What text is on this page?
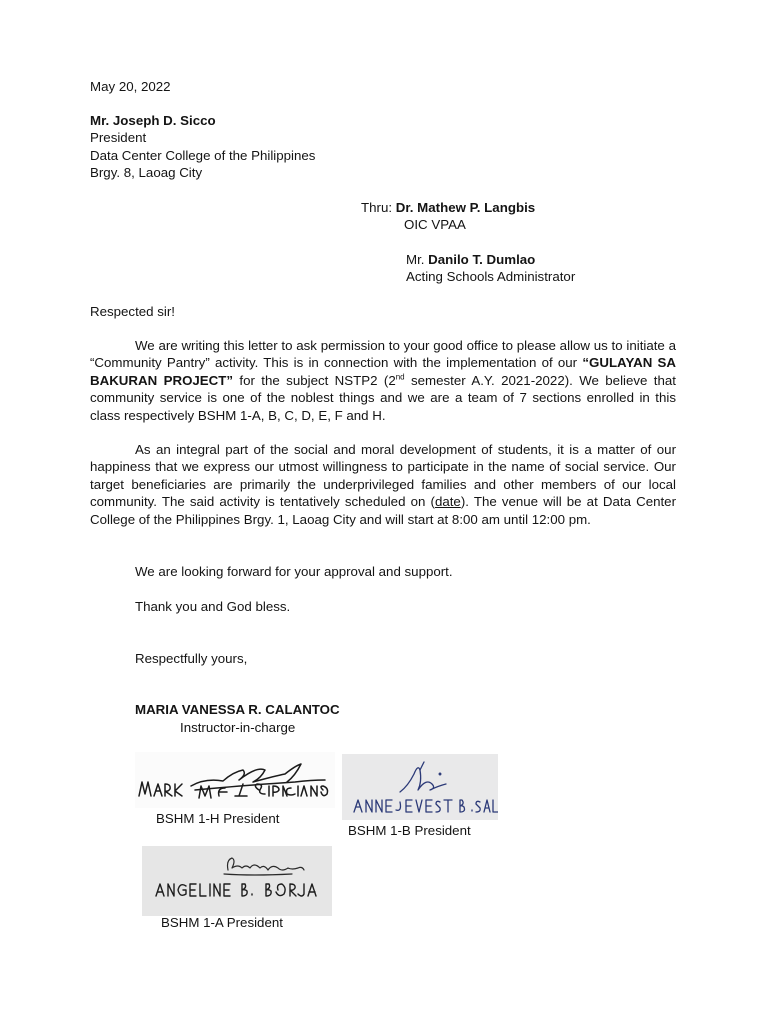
May 20, 2022
Mr. Joseph D. Sicco
President
Data Center College of the Philippines
Brgy. 8, Laoag City
Thru: Dr. Mathew P. Langbis
OIC VPAA
Mr. Danilo T. Dumlao
Acting Schools Administrator
Respected sir!
We are writing this letter to ask permission to your good office to please allow us to initiate a “Community Pantry” activity. This is in connection with the implementation of our “GULAYAN SA BAKURAN PROJECT” for the subject NSTP2 (2nd semester A.Y. 2021-2022). We believe that community service is one of the noblest things and we are a team of 7 sections enrolled in this class respectively BSHM 1-A, B, C, D, E, F and H.
As an integral part of the social and moral development of students, it is a matter of our happiness that we express our utmost willingness to participate in the name of social service. Our target beneficiaries are primarily the underprivileged families and other members of our local community. The said activity is tentatively scheduled on (date). The venue will be at Data Center College of the Philippines Brgy. 1, Laoag City and will start at 8:00 am until 12:00 pm.
We are looking forward for your approval and support.
Thank you and God bless.
Respectfully yours,
MARIA VANESSA R. CALANTOC
Instructor-in-charge
BSHM 1-H President
BSHM 1-B President
BSHM 1-A President
